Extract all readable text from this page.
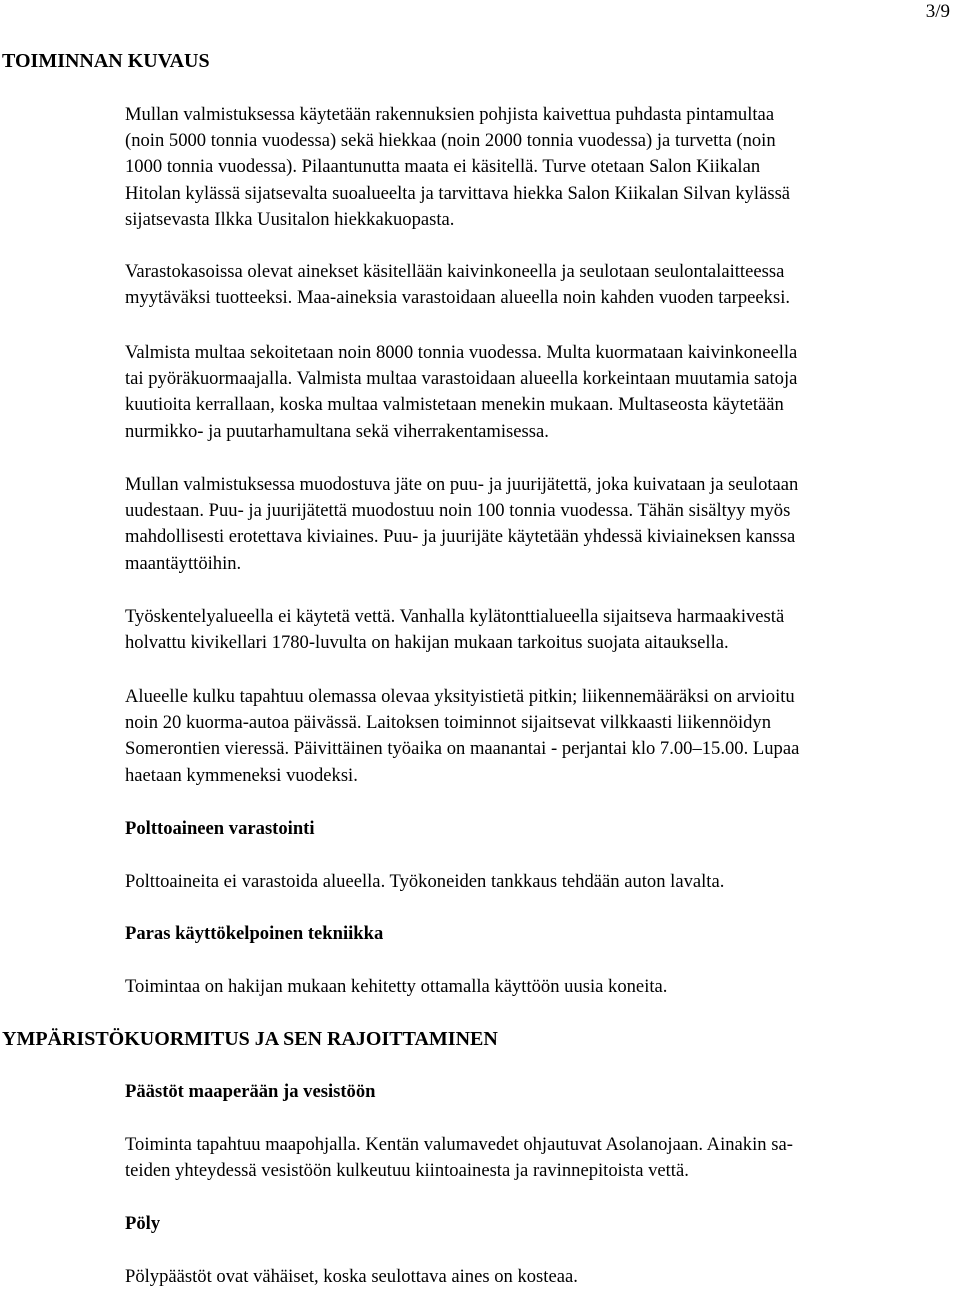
3/9
TOIMINNAN KUVAUS
Mullan valmistuksessa käytetään rakennuksien pohjista kaivettua puhdasta pintamultaa
(noin 5000 tonnia vuodessa) sekä hiekkaa (noin 2000 tonnia vuodessa) ja turvetta (noin
1000 tonnia vuodessa). Pilaantunutta maata ei käsitellä. Turve otetaan Salon Kiikalan
Hitolan kylässä sijatsevalta suoalueelta ja tarvittava hiekka Salon Kiikalan Silvan kylässä
sijatsevasta Ilkka Uusitalon hiekkakuopasta.
Varastokasoissa olevat ainekset käsitellään kaivinkoneella ja seulotaan seulontalaitteessa
myytäväksi tuotteeksi. Maa-aineksia varastoidaan alueella noin kahden vuoden tarpeeksi.
Valmista multaa sekoitetaan noin 8000 tonnia vuodessa. Multa kuormataan kaivinkoneella
tai pyöräkuormaajalla. Valmista multaa varastoidaan alueella korkeintaan muutamia satoja
kuutioita kerrallaan, koska multaa valmistetaan menekin mukaan. Multaseosta käytetään
nurmikko- ja puutarhamultana sekä viherrakentamisessa.
Mullan valmistuksessa muodostuva jäte on puu- ja juurijätettä, joka kuivataan ja seulotaan
uudestaan. Puu- ja juurijätettä muodostuu noin 100 tonnia vuodessa. Tähän sisältyy myös
mahdollisesti erotettava kiviaines. Puu- ja juurijäte käytetään yhdessä kiviaineksen kanssa
maantäyttöihin.
Työskentelyalueella ei käytetä vettä. Vanhalla kylätonttialueella sijaitseva harmaakivestä
holvattu kivikellari 1780-luvulta on hakijan mukaan tarkoitus suojata aitauksella.
Alueelle kulku tapahtuu olemassa olevaa yksityistietä pitkin; liikennemääräksi on arvioitu
noin 20 kuorma-autoa päivässä. Laitoksen toiminnot sijaitsevat vilkkaasti liikennöidyn
Somerontien vieressä. Päivittäinen työaika on maanantai - perjantai klo 7.00–15.00. Lupaa
haetaan kymmeneksi vuodeksi.
Polttoaineen varastointi
Polttoaineita ei varastoida alueella. Työkoneiden tankkaus tehdään auton lavalta.
Paras käyttökelpoinen tekniikka
Toimintaa on hakijan mukaan kehitetty ottamalla käyttöön uusia koneita.
YMPÄRISTÖKUORMITUS JA SEN RAJOITTAMINEN
Päästöt maaperään ja vesistöön
Toiminta tapahtuu maapohjalla. Kentän valumavedet ohjautuvat Asolanojaan. Ainakin sa-
teiden yhteydessä vesistöön kulkeutuu kiintoainesta ja ravinnepitoista vettä.
Pöly
Pölypäästöt ovat vähäiset, koska seulottava aines on kosteaa.
